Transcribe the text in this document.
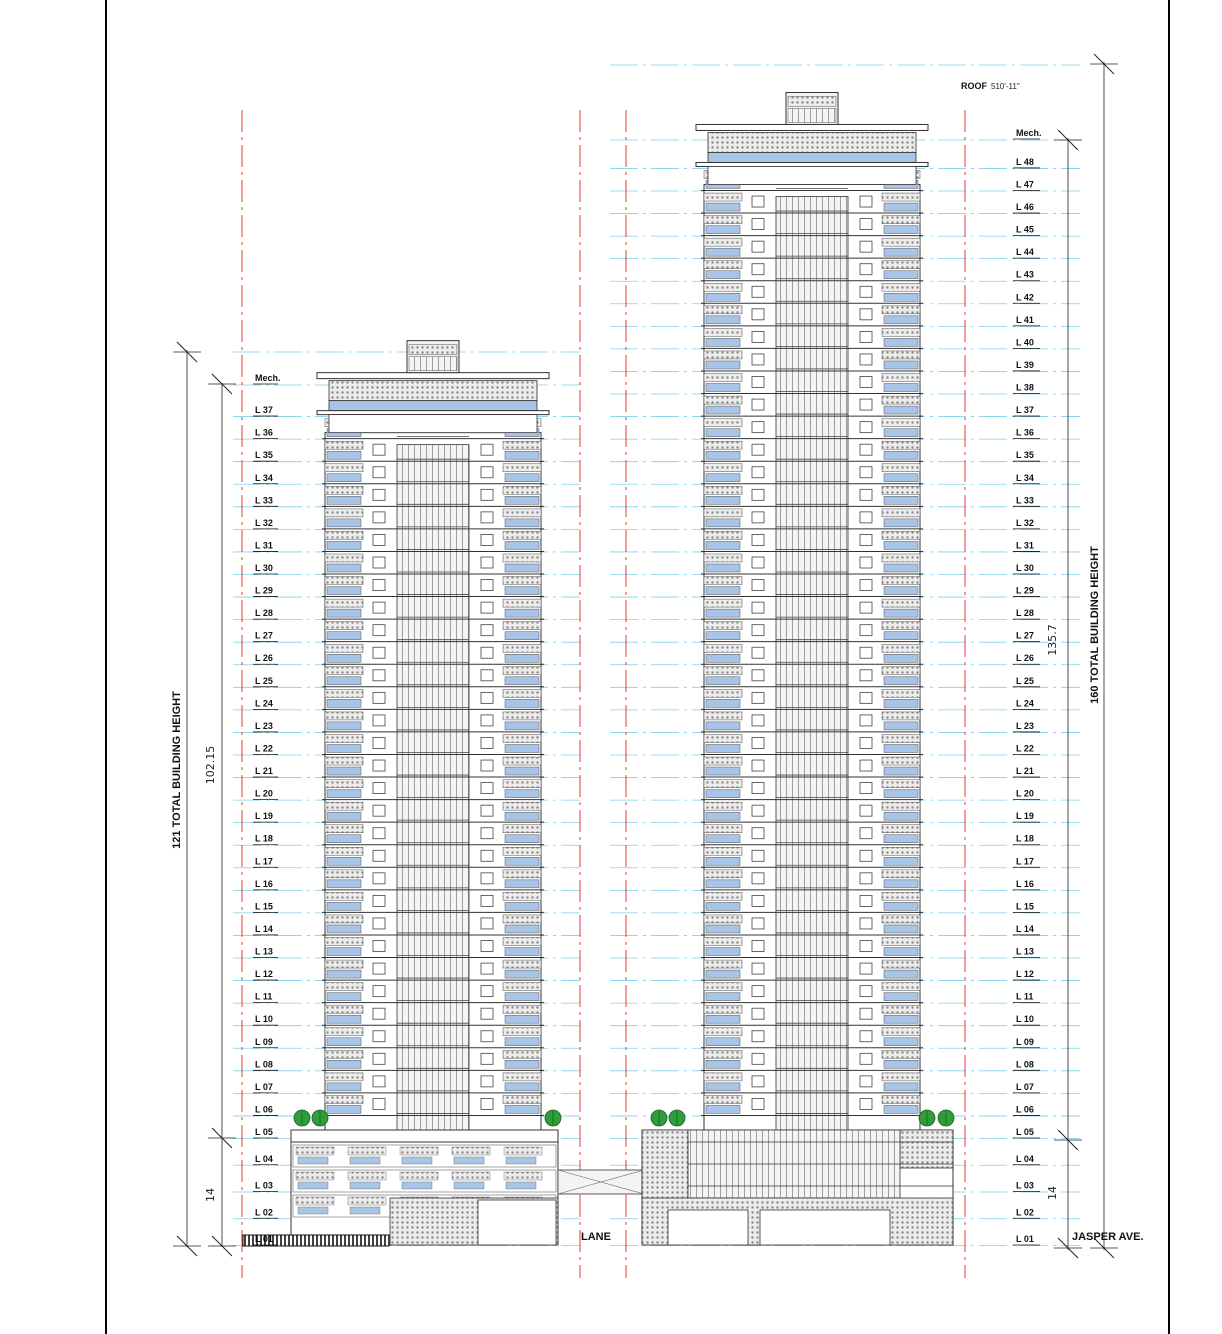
Mech.
L 37
L 36
L 35
L 34
L 33
L 32
L 31
L 30
L 29
L 28
L 27
L 26
L 25
L 24
L 23
L 22
L 21
L 20
L 19
L 18
L 17
L 16
L 15
L 14
L 13
L 12
L 11
L 10
L 09
L 08
L 07
L 06
L 05
L 04
L 03
L 02
L 01
Mech.
L 48
L 47
L 46
L 45
L 44
L 43
L 42
L 41
L 40
L 39
L 38
L 37
L 36
L 35
L 34
L 33
L 32
L 31
L 30
L 29
L 28
L 27
L 26
L 25
L 24
L 23
L 22
L 21
L 20
L 19
L 18
L 17
L 16
L 15
L 14
L 13
L 12
L 11
L 10
L 09
L 08
L 07
L 06
L 05
L 04
L 03
L 02
L 01
ROOF 510'-11"
LANE	JASPER AVE.
121 TOTAL BUILDING HEIGHT 102.15
14
160 TOTAL BUILDING HEIGHT
135.7
14
